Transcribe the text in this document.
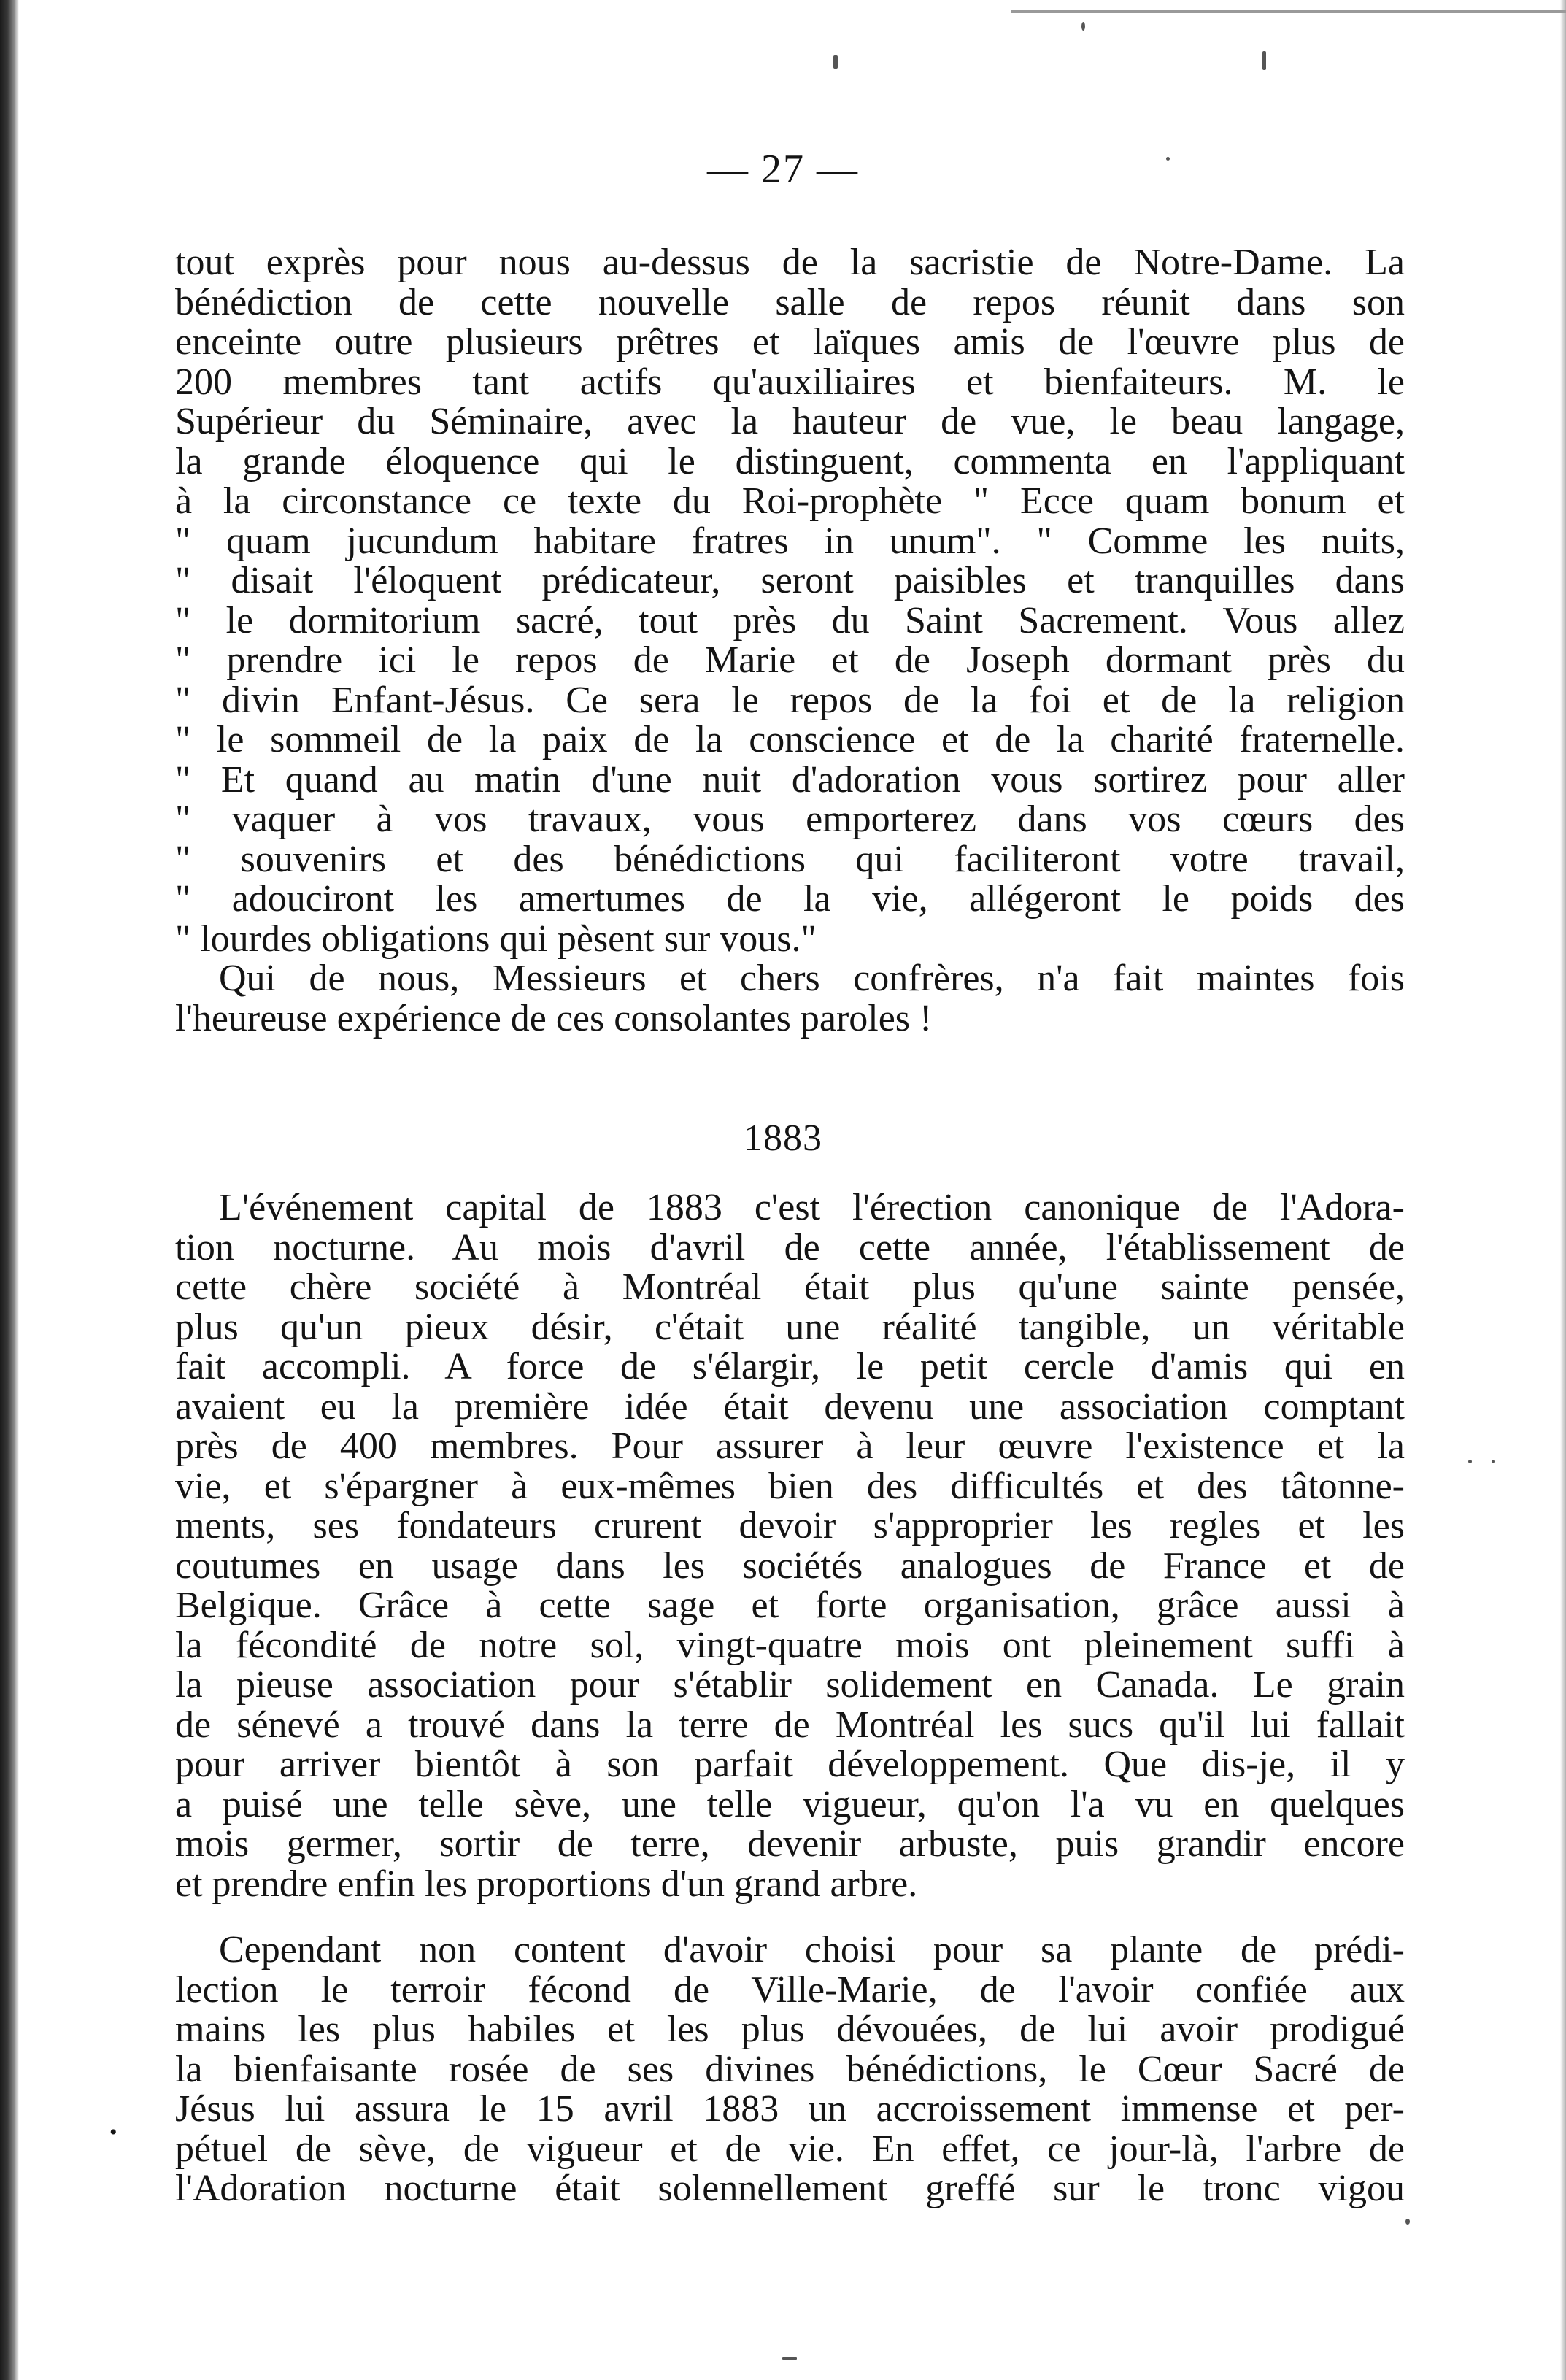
— 27 —
tout exprès pour nous au-dessus de la sacristie de Notre-Dame. La
bénédiction de cette nouvelle salle de repos réunit dans son
enceinte outre plusieurs prêtres et laïques amis de l'œuvre plus de
200 membres tant actifs qu'auxiliaires et bienfaiteurs. M. le
Supérieur du Séminaire, avec la hauteur de vue, le beau langage,
la grande éloquence qui le distinguent, commenta en l'appliquant
à la circonstance ce texte du Roi-prophète " Ecce quam bonum et
" quam jucundum habitare fratres in unum". " Comme les nuits,
" disait l'éloquent prédicateur, seront paisibles et tranquilles dans
" le dormitorium sacré, tout près du Saint Sacrement. Vous allez
" prendre ici le repos de Marie et de Joseph dormant près du
" divin Enfant-Jésus. Ce sera le repos de la foi et de la religion
" le sommeil de la paix de la conscience et de la charité fraternelle.
" Et quand au matin d'une nuit d'adoration vous sortirez pour aller
" vaquer à vos travaux, vous emporterez dans vos cœurs des
" souvenirs et des bénédictions qui faciliteront votre travail,
" adouciront les amertumes de la vie, allégeront le poids des
" lourdes obligations qui pèsent sur vous."
Qui de nous, Messieurs et chers confrères, n'a fait maintes fois
l'heureuse expérience de ces consolantes paroles !
1883
L'événement capital de 1883 c'est l'érection canonique de l'Adora-
tion nocturne. Au mois d'avril de cette année, l'établissement de
cette chère société à Montréal était plus qu'une sainte pensée,
plus qu'un pieux désir, c'était une réalité tangible, un véritable
fait accompli. A force de s'élargir, le petit cercle d'amis qui en
avaient eu la première idée était devenu une association comptant
près de 400 membres. Pour assurer à leur œuvre l'existence et la
vie, et s'épargner à eux-mêmes bien des difficultés et des tâtonne-
ments, ses fondateurs crurent devoir s'approprier les regles et les
coutumes en usage dans les sociétés analogues de France et de
Belgique. Grâce à cette sage et forte organisation, grâce aussi à
la fécondité de notre sol, vingt-quatre mois ont pleinement suffi à
la pieuse association pour s'établir solidement en Canada. Le grain
de sénevé a trouvé dans la terre de Montréal les sucs qu'il lui fallait
pour arriver bientôt à son parfait développement. Que dis-je, il y
a puisé une telle sève, une telle vigueur, qu'on l'a vu en quelques
mois germer, sortir de terre, devenir arbuste, puis grandir encore
et prendre enfin les proportions d'un grand arbre.
Cependant non content d'avoir choisi pour sa plante de prédi-
lection le terroir fécond de Ville-Marie, de l'avoir confiée aux
mains les plus habiles et les plus dévouées, de lui avoir prodigué
la bienfaisante rosée de ses divines bénédictions, le Cœur Sacré de
Jésus lui assura le 15 avril 1883 un accroissement immense et per-
pétuel de sève, de vigueur et de vie. En effet, ce jour-là, l'arbre de
l'Adoration nocturne était solennellement greffé sur le tronc vigou
•
